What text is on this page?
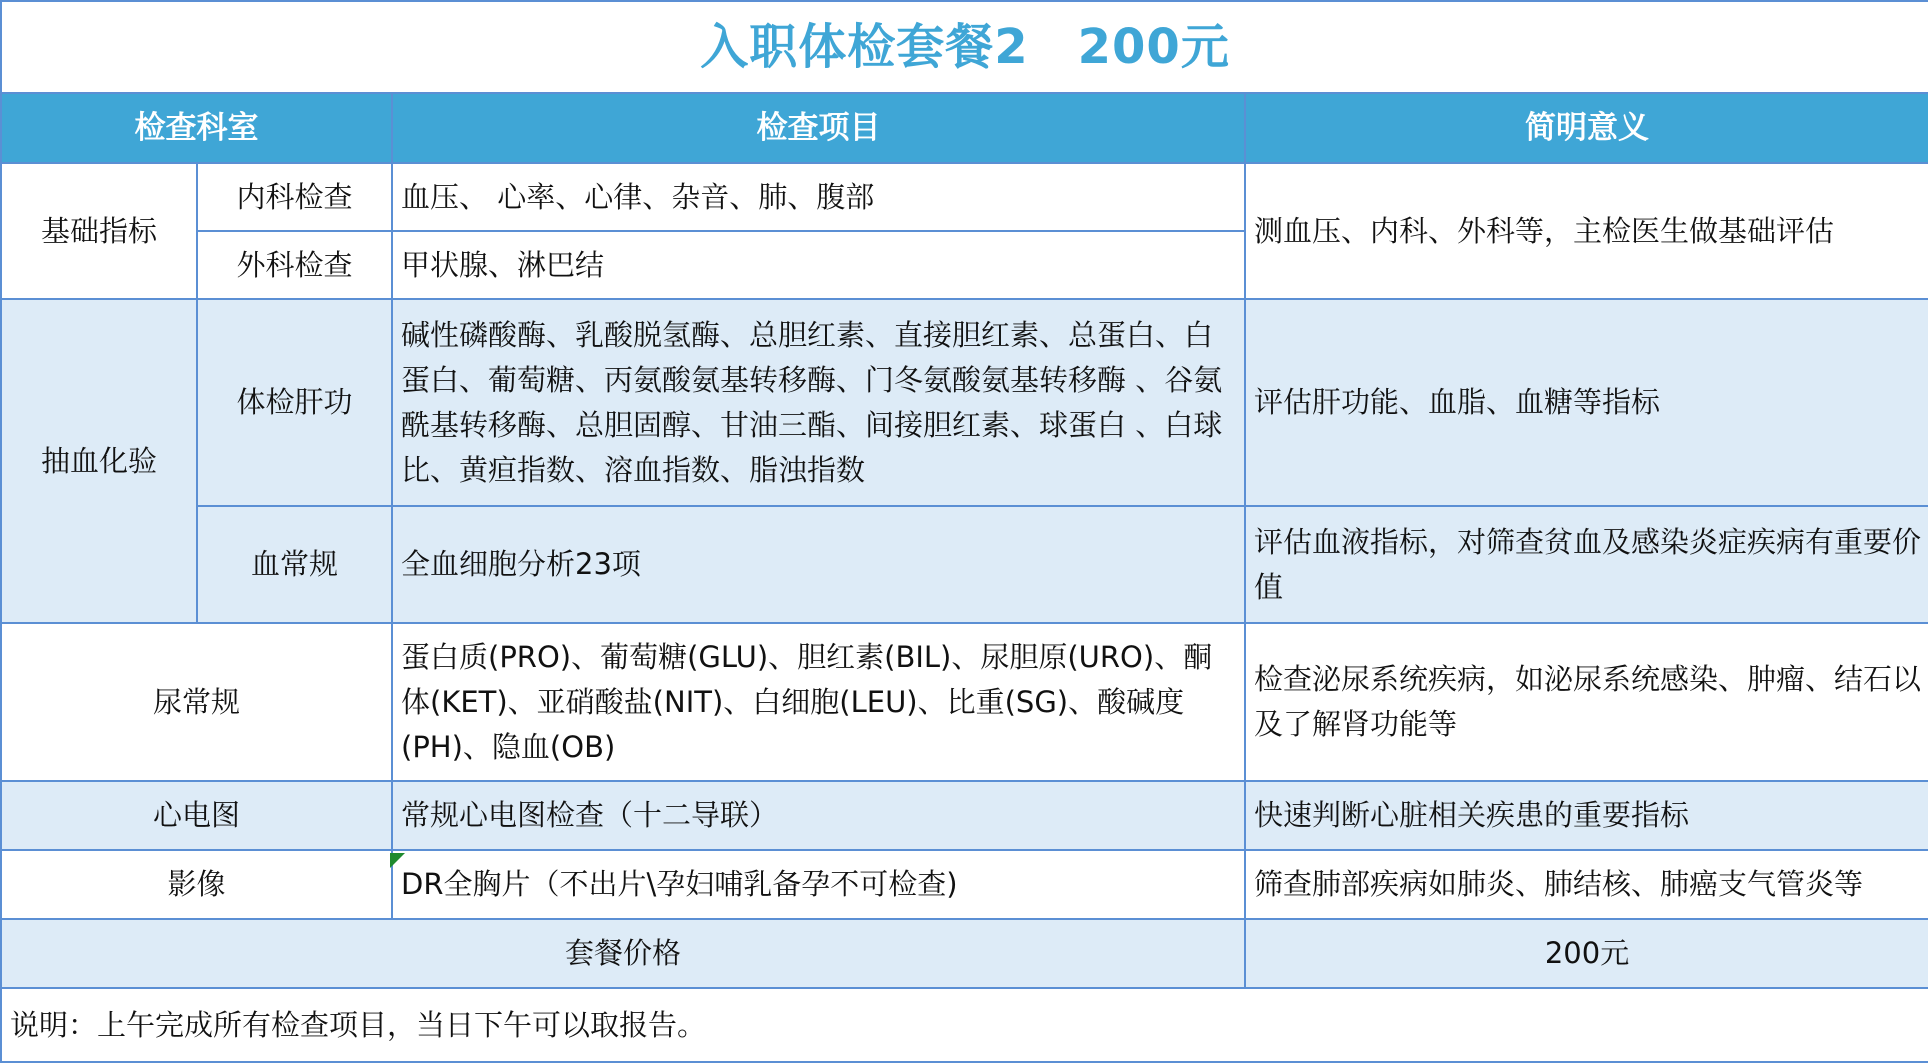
入职体检套餐2　200元			
检查科室		检查项目	简明意义
基础指标	内科检查	血压、 心率、心律、杂音、肺、腹部	测血压、内科、外科等，主检医生做基础评估
	外科检查	甲状腺、淋巴结	
抽血化验	体检肝功	碱性磷酸酶、乳酸脱氢酶、总胆红素、直接胆红素、总蛋白、白蛋白、葡萄糖、丙氨酸氨基转移酶、门冬氨酸氨基转移酶 、谷氨酰基转移酶、总胆固醇、甘油三酯、间接胆红素、球蛋白 、白球比、黄疸指数、溶血指数、脂浊指数	评估肝功能、血脂、血糖等指标
	血常规	全血细胞分析23项	评估血液指标，对筛查贫血及感染炎症疾病有重要价值
尿常规		蛋白质(PRO)、葡萄糖(GLU)、胆红素(BIL)、尿胆原(URO)、酮体(KET)、亚硝酸盐(NIT)、白细胞(LEU)、比重(SG)、酸碱度(PH)、隐血(OB)	检查泌尿系统疾病，如泌尿系统感染、肿瘤、结石以及了解肾功能等
心电图		常规心电图检查（十二导联）	快速判断心脏相关疾患的重要指标
影像		DR全胸片（不出片\孕妇哺乳备孕不可检查)	筛查肺部疾病如肺炎、肺结核、肺癌支气管炎等
套餐价格			200元
说明：上午完成所有检查项目，当日下午可以取报告。			
